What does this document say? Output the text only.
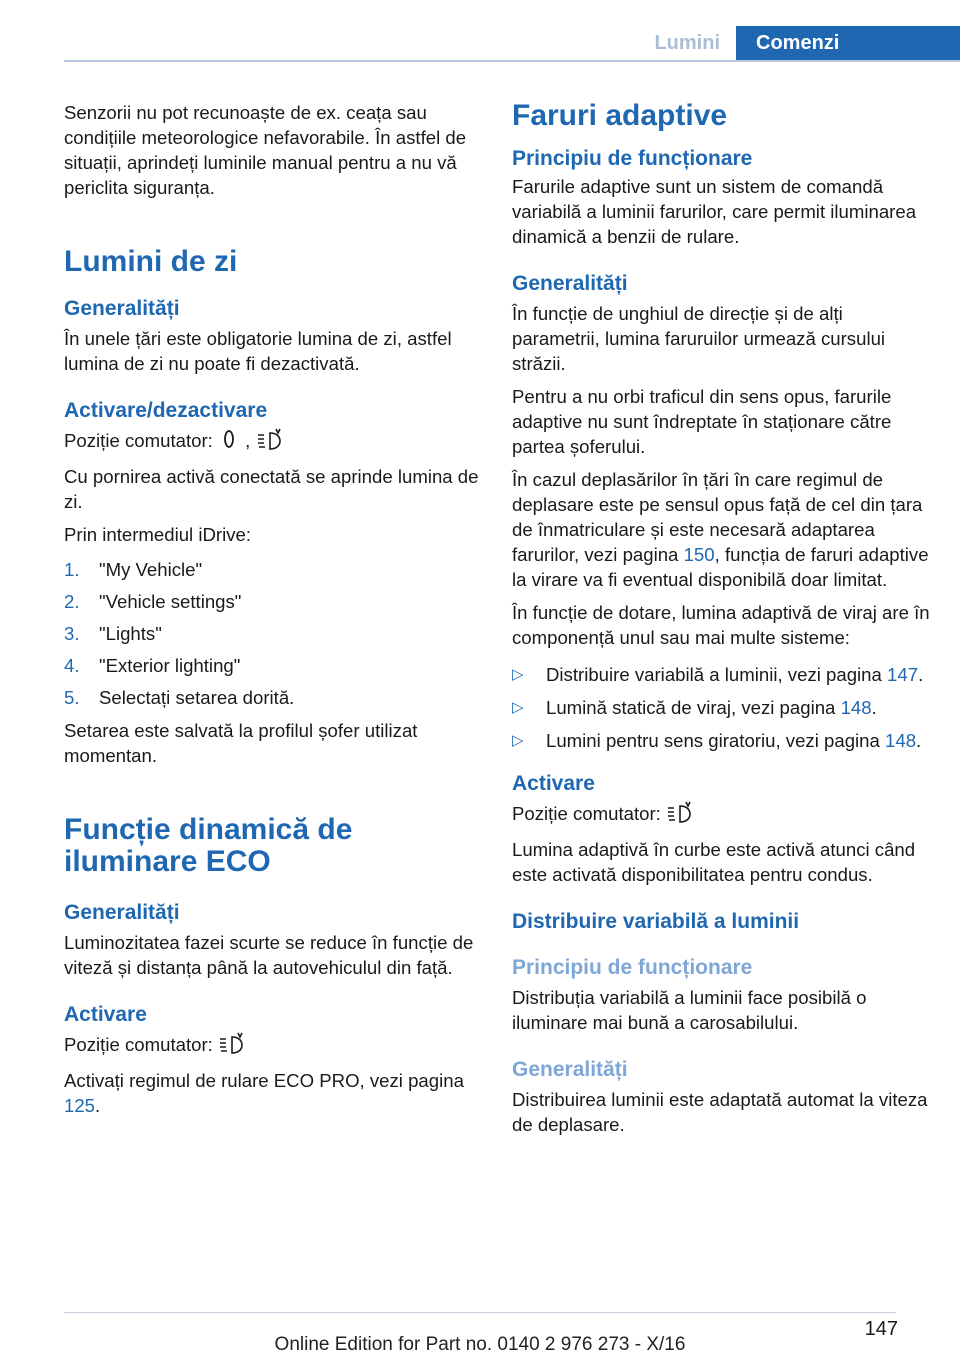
Lumini	Comenzi

Senzorii nu pot recunoaște de ex. ceața sau condițiile meteorologice nefavorabile. În astfel de situații, aprindeți luminile manual pentru a nu vă periclita siguranța.

Lumini de zi
Generalități

În unele țări este obligatorie lumina de zi, astfel lumina de zi nu poate fi dezactivată.

Activare/dezactivare

Poziție comutator: ,

Cu pornirea activă conectată se aprinde lumina de zi.

Prin intermediul iDrive:

1. "My Vehicle"
2. "Vehicle settings"
3. "Lights"
4. "Exterior lighting"
5. Selectați setarea dorită.

Setarea este salvată la profilul șofer utilizat momentan.

Funcție dinamică de iluminare ECO
Generalități

Luminozitatea fazei scurte se reduce în funcție de viteză și distanța până la autovehiculul din față.

Activare

Poziție comutator:

Activați regimul de rulare ECO PRO, vezi pagina 125.

Faruri adaptive
Principiu de funcționare

Farurile adaptive sunt un sistem de comandă variabilă a luminii farurilor, care permit iluminarea dinamică a benzii de rulare.

Generalități

În funcție de unghiul de direcție și de alți parametrii, lumina faruruilor urmează cursului străzii.

Pentru a nu orbi traficul din sens opus, farurile adaptive nu sunt îndreptate în staționare către partea șoferului.

În cazul deplasărilor în țări în care regimul de deplasare este pe sensul opus față de cel din țara de înmatriculare și este necesară adaptarea farurilor, vezi pagina 150, funcția de faruri adaptive la virare va fi eventual disponibilă doar limitat.

În funcție de dotare, lumina adaptivă de viraj are în componență unul sau mai multe sisteme:

▷ Distribuire variabilă a luminii, vezi pagina 147.
▷ Lumină statică de viraj, vezi pagina 148.
▷ Lumini pentru sens giratoriu, vezi pagina 148.
Activare

Poziție comutator:

Lumina adaptivă în curbe este activă atunci când este activată disponibilitatea pentru condus.

Distribuire variabilă a luminii
Principiu de funcționare

Distribuția variabilă a luminii face posibilă o iluminare mai bună a carosabilului.

Generalități

Distribuirea luminii este adaptată automat la viteza de deplasare.

147
Online Edition for Part no. 0140 2 976 273 - X/16
